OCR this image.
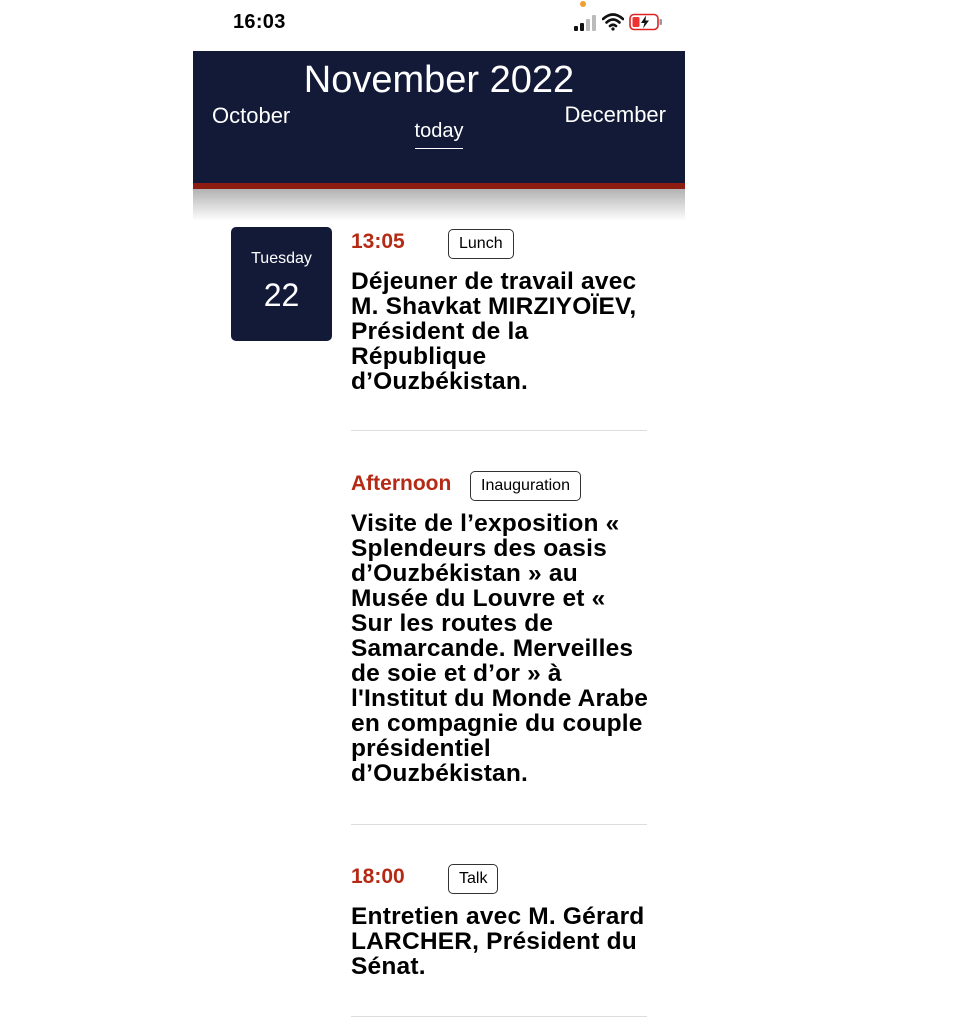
16:03
November 2022
October	December
today
Tuesday
22
13:05	Lunch
Déjeuner de travail avec M. Shavkat MIRZIYOÏEV, Président de la République d’Ouzbékistan.
Afternoon	Inauguration
Visite de l’exposition « Splendeurs des oasis d’Ouzbékistan » au Musée du Louvre et « Sur les routes de Samarcande. Merveilles de soie et d’or » à l'Institut du Monde Arabe en compagnie du couple présidentiel d’Ouzbékistan.
18:00	Talk
Entretien avec M. Gérard LARCHER, Président du Sénat.
